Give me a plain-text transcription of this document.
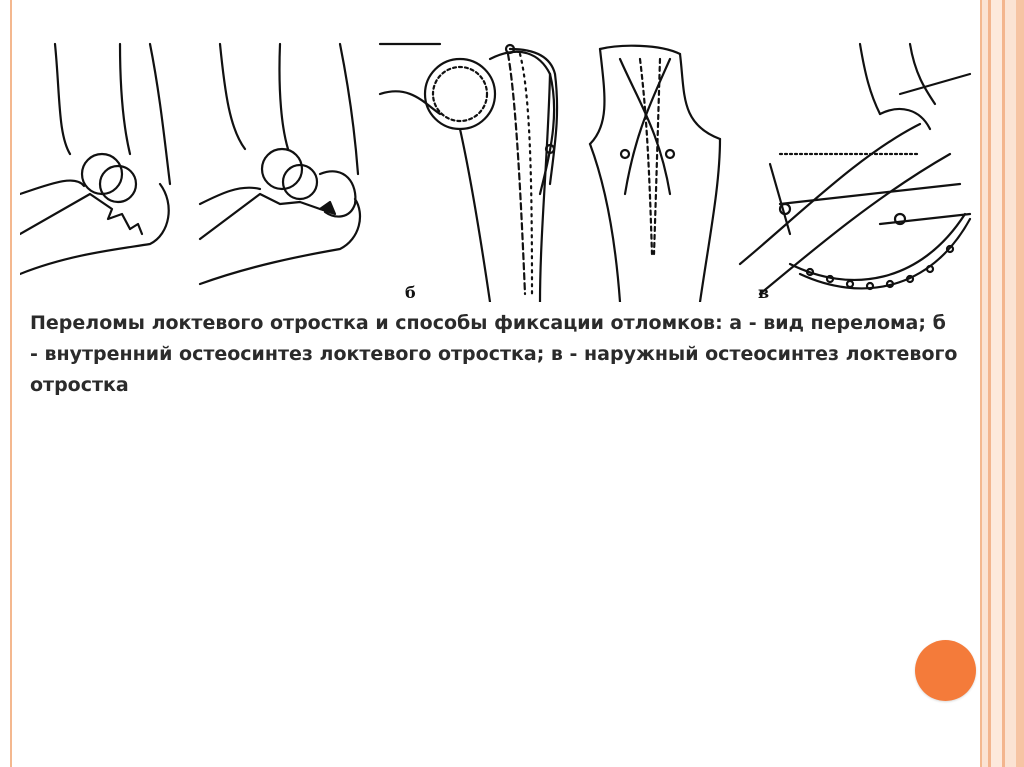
б	в

Переломы локтевого отростка и способы фиксации отломков: а - вид перелома; б - внутренний остеосинтез локтевого отростка; в - наружный остеосинтез локтевого отростка
